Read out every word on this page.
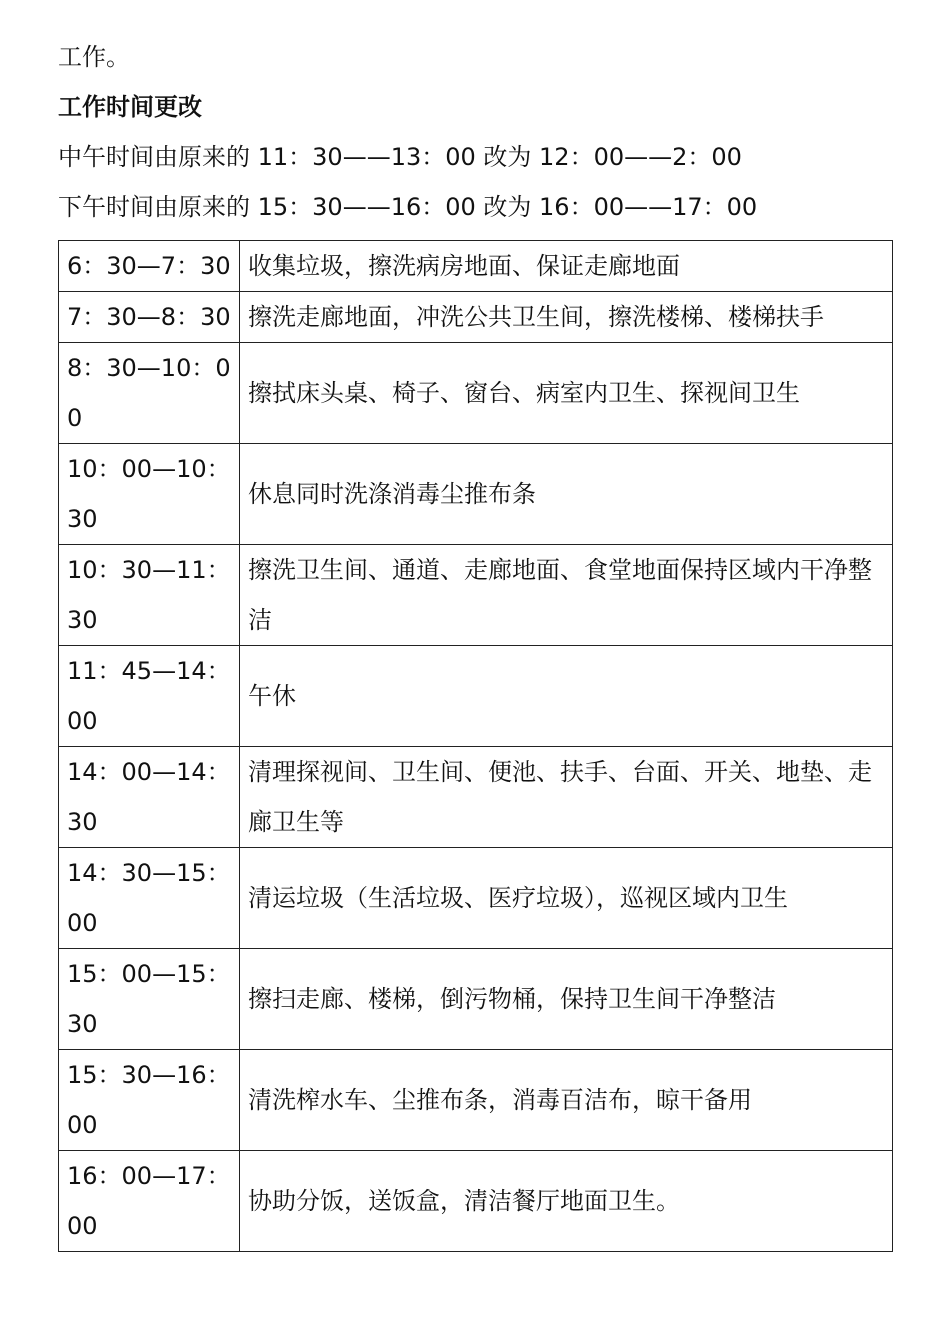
工作。
工作时间更改
中午时间由原来的 11：30——13：00 改为 12：00——2：00
下午时间由原来的 15：30——16：00 改为 16：00——17：00
6：30—7：30	收集垃圾，擦洗病房地面、保证走廊地面
7：30—8：30	擦洗走廊地面，冲洗公共卫生间，擦洗楼梯、楼梯扶手
8：30—10：00	擦拭床头桌、椅子、窗台、病室内卫生、探视间卫生
10：00—10：30	休息同时洗涤消毒尘推布条
10：30—11：30	擦洗卫生间、通道、走廊地面、食堂地面保持区域内干净整洁
11：45—14：00	午休
14：00—14：30	清理探视间、卫生间、便池、扶手、台面、开关、地垫、走廊卫生等
14：30—15：00	清运垃圾（生活垃圾、医疗垃圾），巡视区域内卫生
15：00—15：30	擦扫走廊、楼梯，倒污物桶，保持卫生间干净整洁
15：30—16：00	清洗榨水车、尘推布条，消毒百洁布，晾干备用
16：00—17：00	协助分饭，送饭盒，清洁餐厅地面卫生。
